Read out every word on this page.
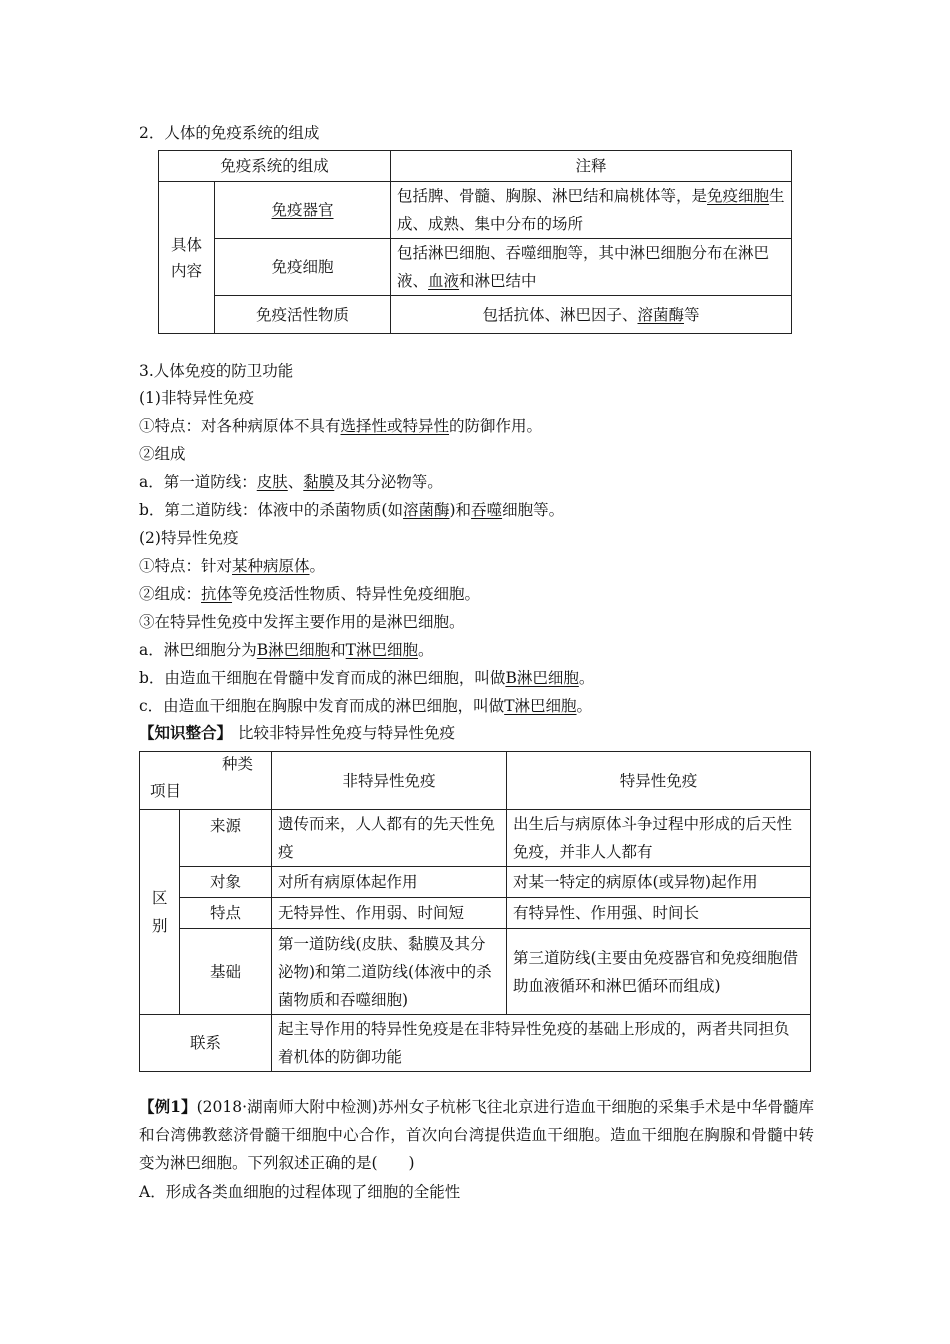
2．人体的免疫系统的组成
免疫系统的组成		注释
具体内容	免疫器官	包括脾、骨髓、胸腺、淋巴结和扁桃体等，是免疫细胞生成、成熟、集中分布的场所
	免疫细胞	包括淋巴细胞、吞噬细胞等，其中淋巴细胞分布在淋巴液、血液和淋巴结中
	免疫活性物质	包括抗体、淋巴因子、溶菌酶等
3.人体免疫的防卫功能
(1)非特异性免疫
①特点：对各种病原体不具有选择性或特异性的防御作用。
②组成
a．第一道防线：皮肤、黏膜及其分泌物等。
b．第二道防线：体液中的杀菌物质(如溶菌酶)和吞噬细胞等。
(2)特异性免疫
①特点：针对某种病原体。
②组成：抗体等免疫活性物质、特异性免疫细胞。
③在特异性免疫中发挥主要作用的是淋巴细胞。
a．淋巴细胞分为B淋巴细胞和T淋巴细胞。
b．由造血干细胞在骨髓中发育而成的淋巴细胞，叫做B淋巴细胞。
c．由造血干细胞在胸腺中发育而成的淋巴细胞，叫做T淋巴细胞。
【知识整合】 比较非特异性免疫与特异性免疫
种类
项目		非特异性免疫	特异性免疫
区别	来源	遗传而来，人人都有的先天性免疫	出生后与病原体斗争过程中形成的后天性免疫，并非人人都有
	对象	对所有病原体起作用	对某一特定的病原体(或异物)起作用
	特点	无特异性、作用弱、时间短	有特异性、作用强、时间长
	基础	第一道防线(皮肤、黏膜及其分泌物)和第二道防线(体液中的杀菌物质和吞噬细胞)	第三道防线(主要由免疫器官和免疫细胞借助血液循环和淋巴循环而组成)
联系		起主导作用的特异性免疫是在非特异性免疫的基础上形成的，两者共同担负着机体的防御功能	
【例1】(2018·湖南师大附中检测)苏州女子杭彬飞往北京进行造血干细胞的采集手术是中华骨髓库和台湾佛教慈济骨髓干细胞中心合作，首次向台湾提供造血干细胞。造血干细胞在胸腺和骨髓中转变为淋巴细胞。下列叙述正确的是(　　)
A．形成各类血细胞的过程体现了细胞的全能性
